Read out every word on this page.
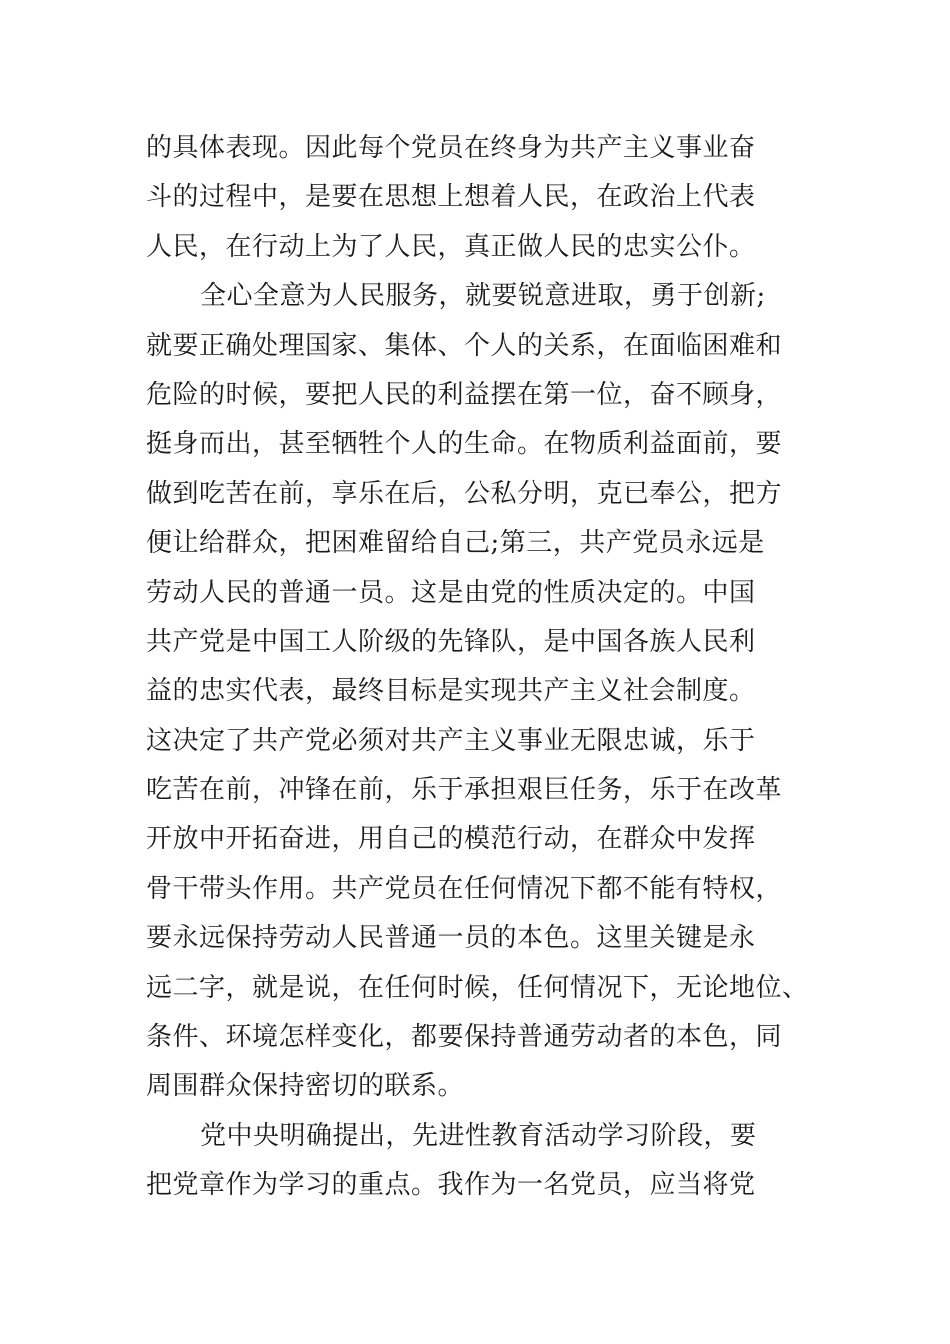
的具体表现。因此每个党员在终身为共产主义事业奋
斗的过程中，是要在思想上想着人民，在政治上代表
人民，在行动上为了人民，真正做人民的忠实公仆。
全心全意为人民服务，就要锐意进取，勇于创新;
就要正确处理国家、集体、个人的关系，在面临困难和
危险的时候，要把人民的利益摆在第一位，奋不顾身，
挺身而出，甚至牺牲个人的生命。在物质利益面前，要
做到吃苦在前，享乐在后，公私分明，克已奉公，把方
便让给群众，把困难留给自己;第三，共产党员永远是
劳动人民的普通一员。这是由党的性质决定的。中国
共产党是中国工人阶级的先锋队，是中国各族人民利
益的忠实代表，最终目标是实现共产主义社会制度。
这决定了共产党必须对共产主义事业无限忠诚，乐于
吃苦在前，冲锋在前，乐于承担艰巨任务，乐于在改革
开放中开拓奋进，用自己的模范行动，在群众中发挥
骨干带头作用。共产党员在任何情况下都不能有特权，
要永远保持劳动人民普通一员的本色。这里关键是永
远二字，就是说，在任何时候，任何情况下，无论地位、
条件、环境怎样变化，都要保持普通劳动者的本色，同
周围群众保持密切的联系。
党中央明确提出，先进性教育活动学习阶段，要
把党章作为学习的重点。我作为一名党员，应当将党
